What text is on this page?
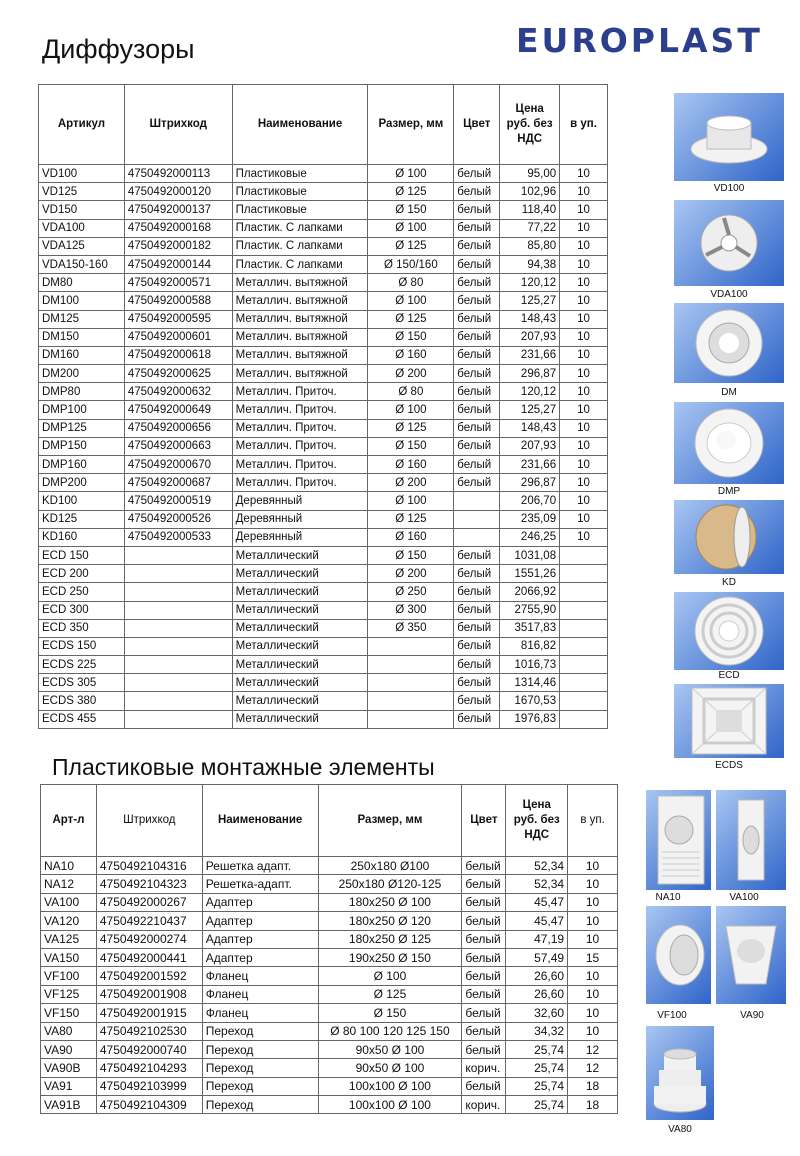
Диффузоры	EUROPLAST
Артикул	Штрихкод	Наименование	Размер, мм	Цвет	Цена руб. без НДС	в уп.
VD100	4750492000113	Пластиковые	Ø 100	белый	95,00	10
VD125	4750492000120	Пластиковые	Ø 125	белый	102,96	10
VD150	4750492000137	Пластиковые	Ø 150	белый	118,40	10
VDA100	4750492000168	Пластик. С лапками	Ø 100	белый	77,22	10
VDA125	4750492000182	Пластик. С лапками	Ø 125	белый	85,80	10
VDA150-160	4750492000144	Пластик. С лапками	Ø 150/160	белый	94,38	10
DM80	4750492000571	Металлич. вытяжной	Ø 80	белый	120,12	10
DM100	4750492000588	Металлич. вытяжной	Ø 100	белый	125,27	10
DM125	4750492000595	Металлич. вытяжной	Ø 125	белый	148,43	10
DM150	4750492000601	Металлич. вытяжной	Ø 150	белый	207,93	10
DM160	4750492000618	Металлич. вытяжной	Ø 160	белый	231,66	10
DM200	4750492000625	Металлич. вытяжной	Ø 200	белый	296,87	10
DMP80	4750492000632	Металлич. Приточ.	Ø 80	белый	120,12	10
DMP100	4750492000649	Металлич. Приточ.	Ø 100	белый	125,27	10
DMP125	4750492000656	Металлич. Приточ.	Ø 125	белый	148,43	10
DMP150	4750492000663	Металлич. Приточ.	Ø 150	белый	207,93	10
DMP160	4750492000670	Металлич. Приточ.	Ø 160	белый	231,66	10
DMP200	4750492000687	Металлич. Приточ.	Ø 200	белый	296,87	10
KD100	4750492000519	Деревянный	Ø 100		206,70	10
KD125	4750492000526	Деревянный	Ø 125		235,09	10
KD160	4750492000533	Деревянный	Ø 160		246,25	10
ECD 150		Металлический	Ø 150	белый	1031,08	
ECD 200		Металлический	Ø 200	белый	1551,26	
ECD 250		Металлический	Ø 250	белый	2066,92	
ECD 300		Металлический	Ø 300	белый	2755,90	
ECD 350		Металлический	Ø 350	белый	3517,83	
ECDS 150		Металлический		белый	816,82	
ECDS 225		Металлический		белый	1016,73	
ECDS 305		Металлический		белый	1314,46	
ECDS 380		Металлический		белый	1670,53	
ECDS 455		Металлический		белый	1976,83	
Пластиковые монтажные элементы
Арт-л	Штрихкод	Наименование	Размер, мм	Цвет	Цена руб. без НДС	в уп.
NA10	4750492104316	Решетка адапт.	250x180 Ø100	белый	52,34	10
NA12	4750492104323	Решетка-адапт.	250x180 Ø120-125	белый	52,34	10
VA100	4750492000267	Адаптер	180x250 Ø 100	белый	45,47	10
VA120	4750492210437	Адаптер	180x250 Ø 120	белый	45,47	10
VA125	4750492000274	Адаптер	180x250 Ø 125	белый	47,19	10
VA150	4750492000441	Адаптер	190x250 Ø 150	белый	57,49	15
VF100	4750492001592	Фланец	Ø 100	белый	26,60	10
VF125	4750492001908	Фланец	Ø 125	белый	26,60	10
VF150	4750492001915	Фланец	Ø 150	белый	32,60	10
VA80	4750492102530	Переход	Ø 80 100 120 125 150	белый	34,32	10
VA90	4750492000740	Переход	90x50 Ø 100	белый	25,74	12
VA90B	4750492104293	Переход	90x50 Ø 100	корич.	25,74	12
VA91	4750492103999	Переход	100x100 Ø 100	белый	25,74	18
VA91B	4750492104309	Переход	100x100 Ø 100	корич.	25,74	18
VD100
VDA100
DM
DMP
KD
ECD
ECDS
NA10	VA100
VF100	VA90
VA80
